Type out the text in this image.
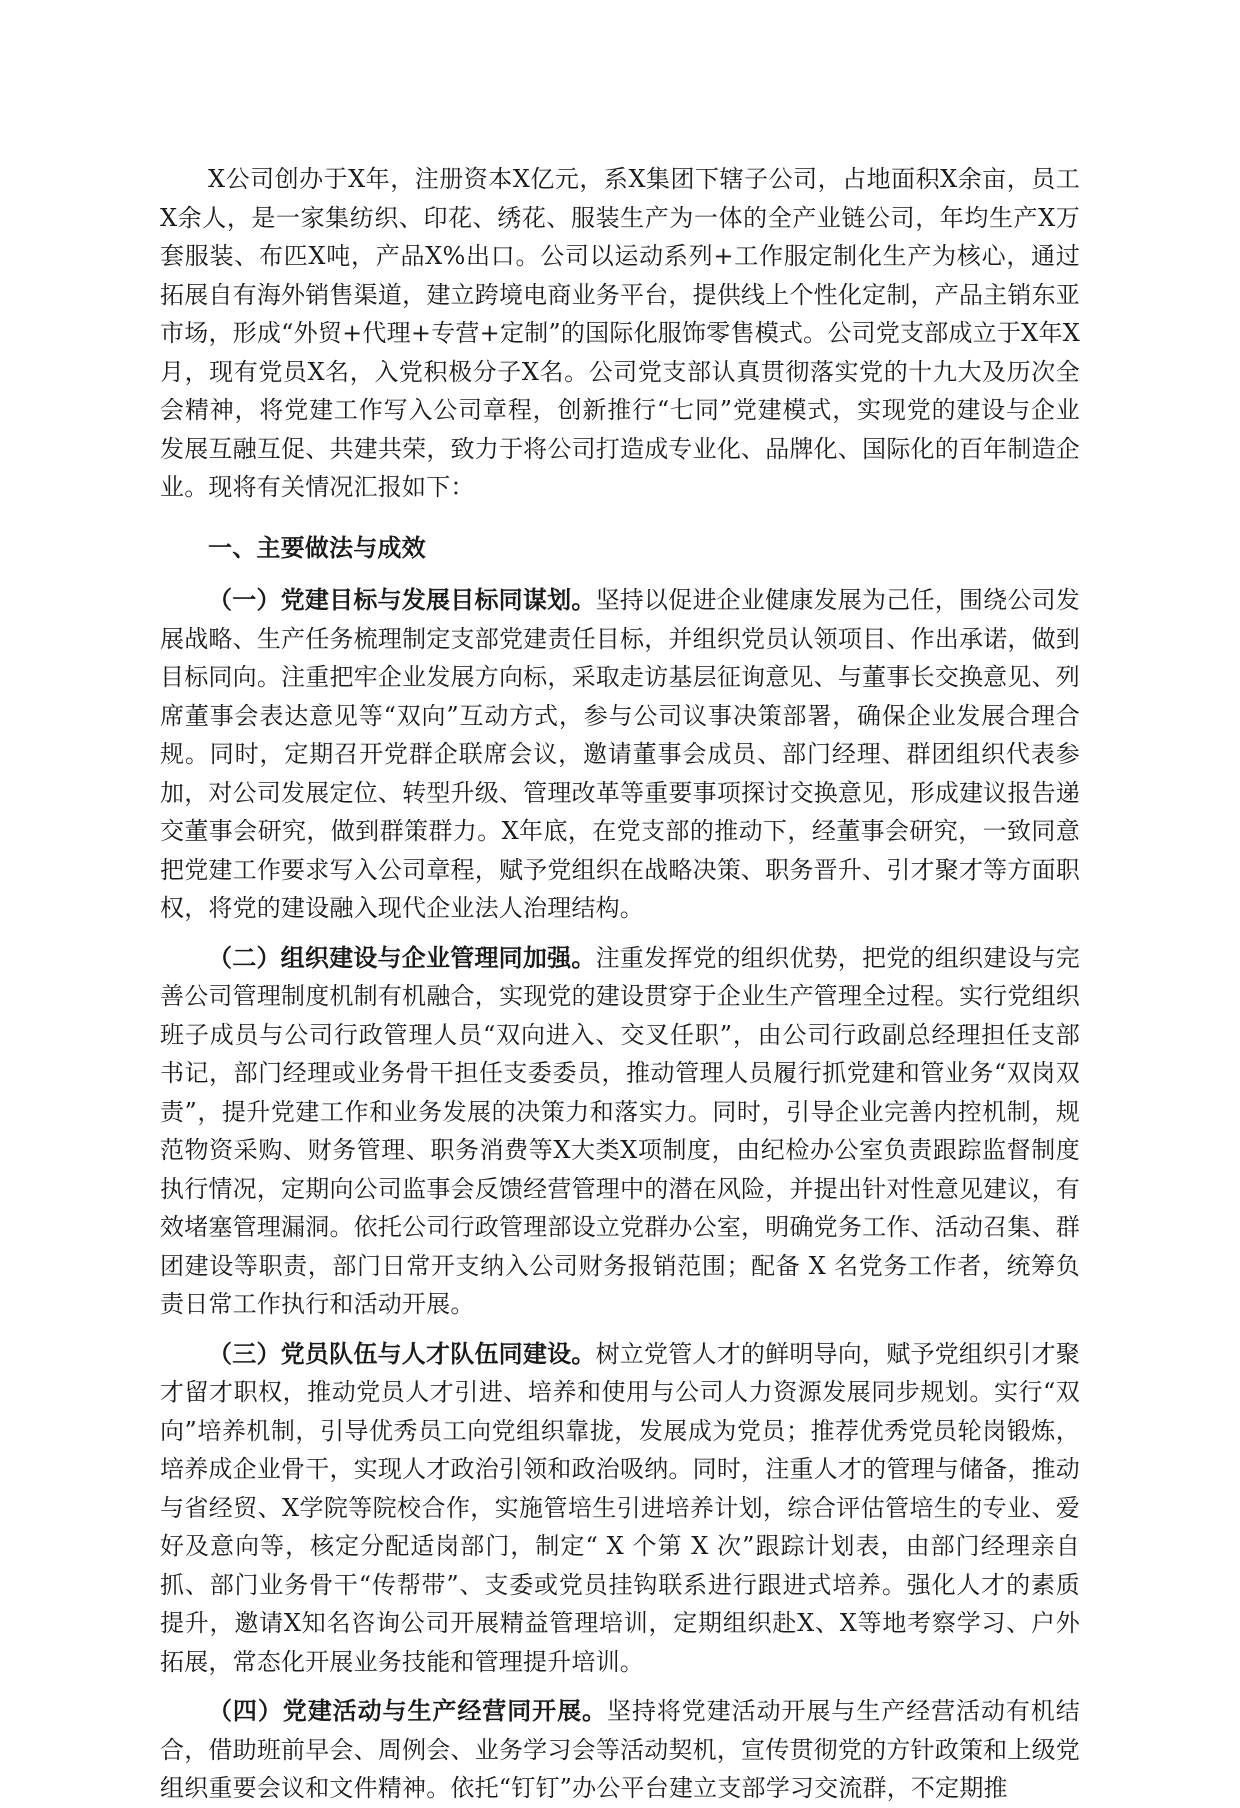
X公司创办于X年，注册资本X亿元，系X集团下辖子公司，占地面积X余亩，员工X余人，是一家集纺织、印花、绣花、服装生产为一体的全产业链公司，年均生产X万套服装、布匹X吨，产品X%出口。公司以运动系列+工作服定制化生产为核心，通过拓展自有海外销售渠道，建立跨境电商业务平台，提供线上个性化定制，产品主销东亚市场，形成“外贸+代理+专营+定制”的国际化服饰零售模式。公司党支部成立于X年X月，现有党员X名，入党积极分子X名。公司党支部认真贯彻落实党的十九大及历次全会精神，将党建工作写入公司章程，创新推行“七同”党建模式，实现党的建设与企业发展互融互促、共建共荣，致力于将公司打造成专业化、品牌化、国际化的百年制造企业。现将有关情况汇报如下：

一、主要做法与成效

（一）党建目标与发展目标同谋划。坚持以促进企业健康发展为己任，围绕公司发展战略、生产任务梳理制定支部党建责任目标，并组织党员认领项目、作出承诺，做到目标同向。注重把牢企业发展方向标，采取走访基层征询意见、与董事长交换意见、列席董事会表达意见等“双向”互动方式，参与公司议事决策部署，确保企业发展合理合规。同时，定期召开党群企联席会议，邀请董事会成员、部门经理、群团组织代表参加，对公司发展定位、转型升级、管理改革等重要事项探讨交换意见，形成建议报告递交董事会研究，做到群策群力。X年底，在党支部的推动下，经董事会研究，一致同意把党建工作要求写入公司章程，赋予党组织在战略决策、职务晋升、引才聚才等方面职权，将党的建设融入现代企业法人治理结构。

（二）组织建设与企业管理同加强。注重发挥党的组织优势，把党的组织建设与完善公司管理制度机制有机融合，实现党的建设贯穿于企业生产管理全过程。实行党组织班子成员与公司行政管理人员“双向进入、交叉任职”，由公司行政副总经理担任支部书记，部门经理或业务骨干担任支委委员，推动管理人员履行抓党建和管业务“双岗双责”，提升党建工作和业务发展的决策力和落实力。同时，引导企业完善内控机制，规范物资采购、财务管理、职务消费等X大类X项制度，由纪检办公室负责跟踪监督制度执行情况，定期向公司监事会反馈经营管理中的潜在风险，并提出针对性意见建议，有效堵塞管理漏洞。依托公司行政管理部设立党群办公室，明确党务工作、活动召集、群团建设等职责，部门日常开支纳入公司财务报销范围；配备 X 名党务工作者，统筹负责日常工作执行和活动开展。

（三）党员队伍与人才队伍同建设。树立党管人才的鲜明导向，赋予党组织引才聚才留才职权，推动党员人才引进、培养和使用与公司人力资源发展同步规划。实行“双向”培养机制，引导优秀员工向党组织靠拢，发展成为党员；推荐优秀党员轮岗锻炼，培养成企业骨干，实现人才政治引领和政治吸纳。同时，注重人才的管理与储备，推动与省经贸、X学院等院校合作，实施管培生引进培养计划，综合评估管培生的专业、爱好及意向等，核定分配适岗部门，制定“ X 个第 X 次”跟踪计划表，由部门经理亲自抓、部门业务骨干“传帮带”、支委或党员挂钩联系进行跟进式培养。强化人才的素质提升，邀请X知名咨询公司开展精益管理培训，定期组织赴X、X等地考察学习、户外拓展，常态化开展业务技能和管理提升培训。

（四）党建活动与生产经营同开展。坚持将党建活动开展与生产经营活动有机结合，借助班前早会、周例会、业务学习会等活动契机，宣传贯彻党的方针政策和上级党组织重要会议和文件精神。依托“钉钉”办公平台建立支部学习交流群，不定期推
